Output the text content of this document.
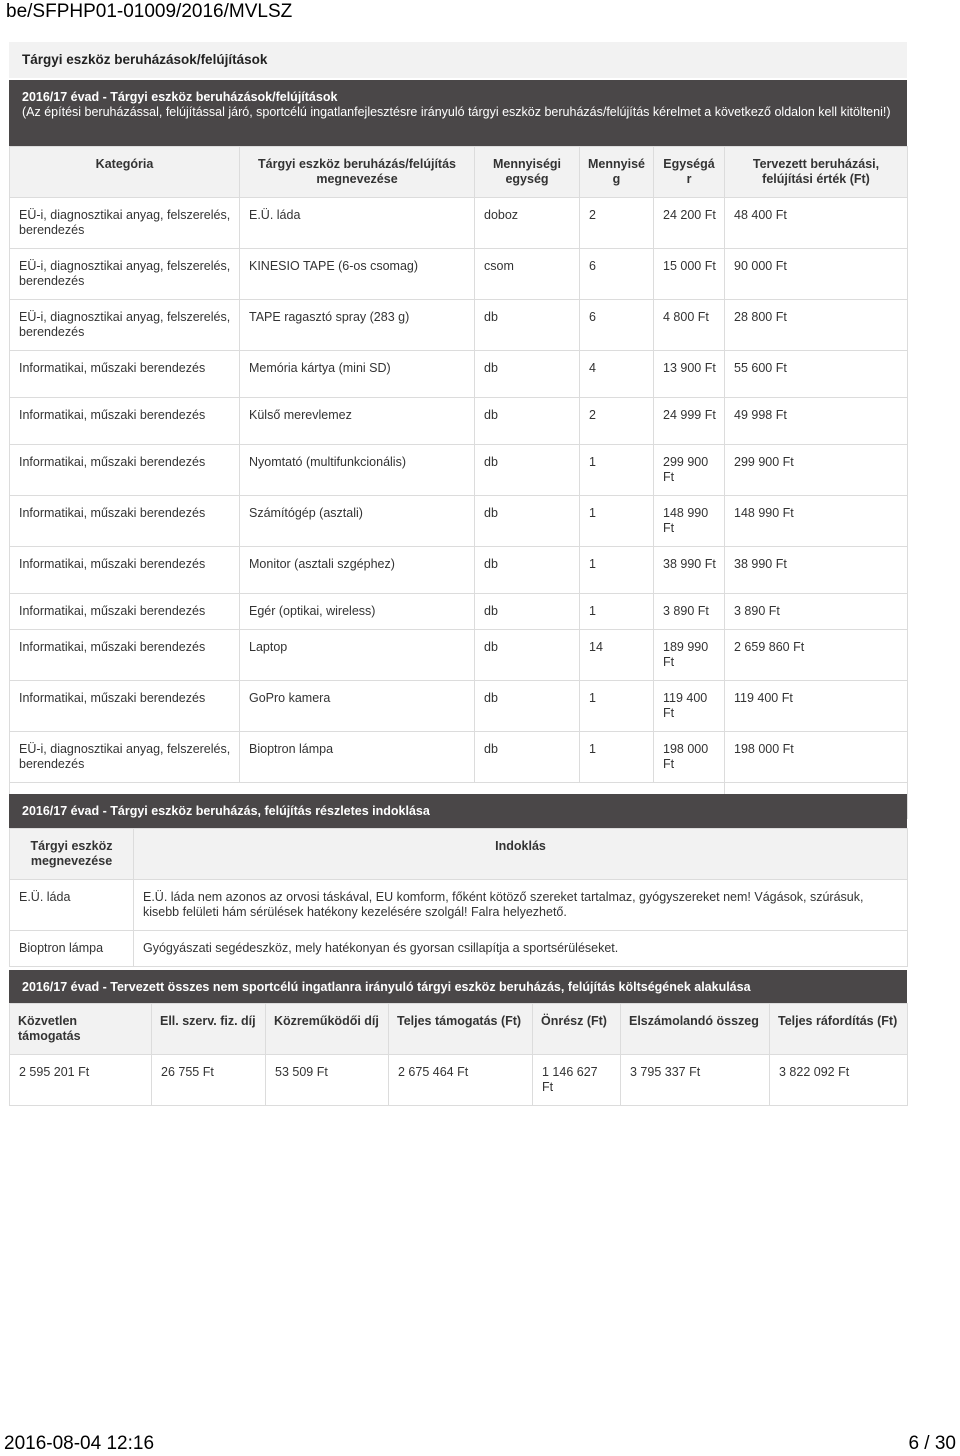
be/SFPHP01-01009/2016/MVLSZ
Tárgyi eszköz beruházások/felújítások
2016/17 évad - Tárgyi eszköz beruházások/felújítások
(Az építési beruházással, felújítással járó, sportcélú ingatlanfejlesztésre irányuló tárgyi eszköz beruházás/felújítás kérelmet a következő oldalon kell kitölteni!)
Kategória	Tárgyi eszköz beruházás/felújítás megnevezése	Mennyiségi egység	Mennyisé g	Egységá r	Tervezett beruházási, felújítási érték (Ft)
EÜ-i, diagnosztikai anyag, felszerelés, berendezés	E.Ü. láda	doboz	2	24 200 Ft	48 400 Ft
EÜ-i, diagnosztikai anyag, felszerelés, berendezés	KINESIO TAPE (6-os csomag)	csom	6	15 000 Ft	90 000 Ft
EÜ-i, diagnosztikai anyag, felszerelés, berendezés	TAPE ragasztó spray (283 g)	db	6	4 800 Ft	28 800 Ft
Informatikai, műszaki berendezés	Memória kártya (mini SD)	db	4	13 900 Ft	55 600 Ft
Informatikai, műszaki berendezés	Külső merevlemez	db	2	24 999 Ft	49 998 Ft
Informatikai, műszaki berendezés	Nyomtató (multifunkcionális)	db	1	299 900 Ft	299 900 Ft
Informatikai, műszaki berendezés	Számítógép (asztali)	db	1	148 990 Ft	148 990 Ft
Informatikai, műszaki berendezés	Monitor (asztali szgéphez)	db	1	38 990 Ft	38 990 Ft
Informatikai, műszaki berendezés	Egér (optikai, wireless)	db	1	3 890 Ft	3 890 Ft
Informatikai, műszaki berendezés	Laptop	db	14	189 990 Ft	2 659 860 Ft
Informatikai, műszaki berendezés	GoPro kamera	db	1	119 400 Ft	119 400 Ft
EÜ-i, diagnosztikai anyag, felszerelés, berendezés	Bioptron lámpa	db	1	198 000 Ft	198 000 Ft

2016/17 évad - Tárgyi eszköz beruházás, felújítás részletes indoklása
Tárgyi eszköz megnevezése	Indoklás
E.Ü. láda	E.Ü. láda nem azonos az orvosi táskával, EU komform, főként kötöző szereket tartalmaz, gyógyszereket nem! Vágások, szúrásuk, kisebb felületi hám sérülések hatékony kezelésére szolgál! Falra helyezhető.
Bioptron lámpa	Gyógyászati segédeszköz, mely hatékonyan és gyorsan csillapítja a sportsérüléseket.
2016/17 évad - Tervezett összes nem sportcélú ingatlanra irányuló tárgyi eszköz beruházás, felújítás költségének alakulása
Közvetlen támogatás	Ell. szerv. fiz. díj	Közreműködői díj	Teljes támogatás (Ft)	Önrész (Ft)	Elszámolandó összeg	Teljes ráfordítás (Ft)
2 595 201 Ft	26 755 Ft	53 509 Ft	2 675 464 Ft	1 146 627 Ft	3 795 337 Ft	3 822 092 Ft
2016-08-04 12:16	6 / 30
